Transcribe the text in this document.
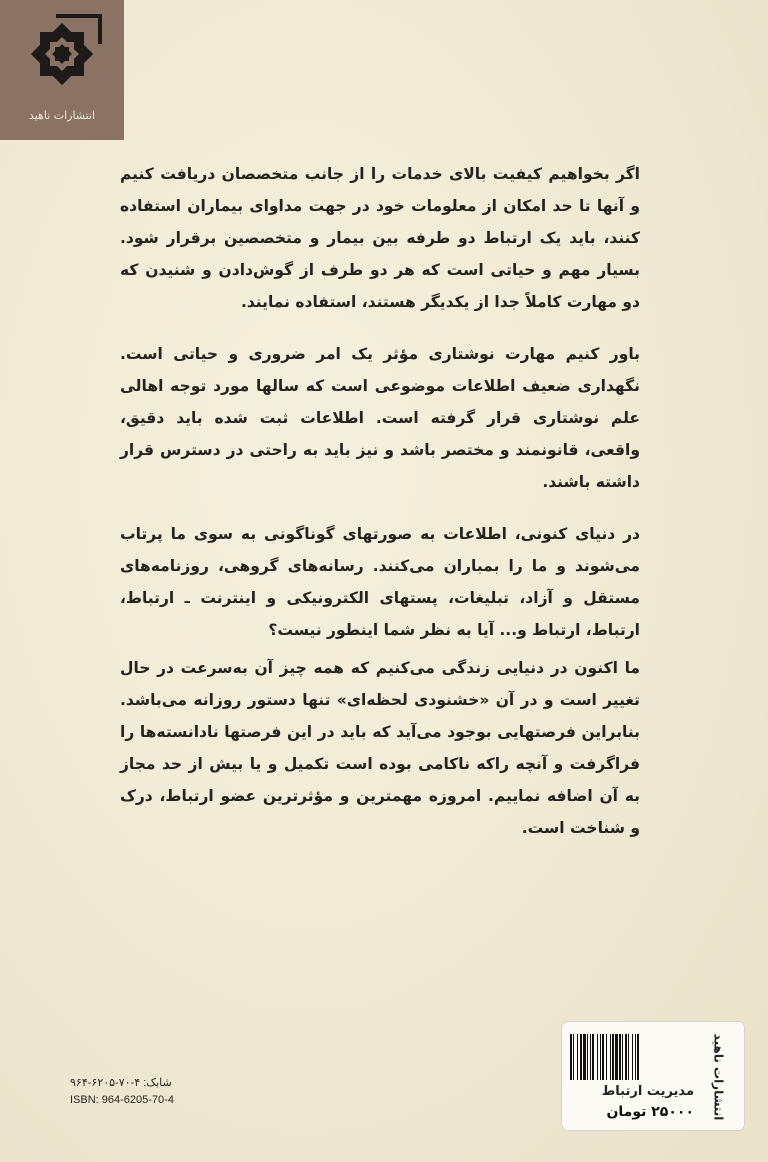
انتشارات ناهید

اگر بخواهیم کیفیت بالای خدمات را از جانب متخصصان دریافت کنیم و آنها تا حد امکان از معلومات خود در جهت مداوای بیماران استفاده کنند، باید یک ارتباط دو طرفه بین بیمار و متخصصین برقرار شود. بسیار مهم و حیاتی است که هر دو طرف از گوش‌دادن و شنیدن که دو مهارت کاملاً جدا از یکدیگر هستند، استفاده نمایند.

باور کنیم مهارت نوشتاری مؤثر یک امر ضروری و حیاتی است. نگهداری ضعیف اطلاعات موضوعی است که سالها مورد توجه اهالی علم نوشتاری قرار گرفته است. اطلاعات ثبت شده باید دقیق، واقعی، قانونمند و مختصر باشد و نیز باید به راحتی در دسترس قرار داشته باشند.

در دنیای کنونی، اطلاعات به صورتهای گوناگونی به سوی ما پرتاب می‌شوند و ما را بمباران می‌کنند. رسانه‌های گروهی، روزنامه‌های مستقل و آزاد، تبلیغات، پستهای الکترونیکی و اینترنت ـ ارتباط، ارتباط، ارتباط و... آیا به نظر شما اینطور نیست؟

ما اکنون در دنیایی زندگی می‌کنیم که همه چیز آن به‌سرعت در حال تغییر است و در آن «خشنودی لحظه‌ای» تنها دستور روزانه می‌باشد. بنابراین فرصتهایی بوجود می‌آید که باید در این فرصتها نادانسته‌ها را فراگرفت و آنچه راکه ناکامی بوده است تکمیل و یا بیش از حد مجاز به آن اضافه نماییم. امروزه مهمترین و مؤثرترین عضو ارتباط، درک و شناخت است.

شابک: ۴-۷۰-۶۲۰۵-۹۶۴
ISBN: 964-6205-70-4	انتشارات ناهید
مدیریت ارتباط
۲۵۰۰۰ تومان
